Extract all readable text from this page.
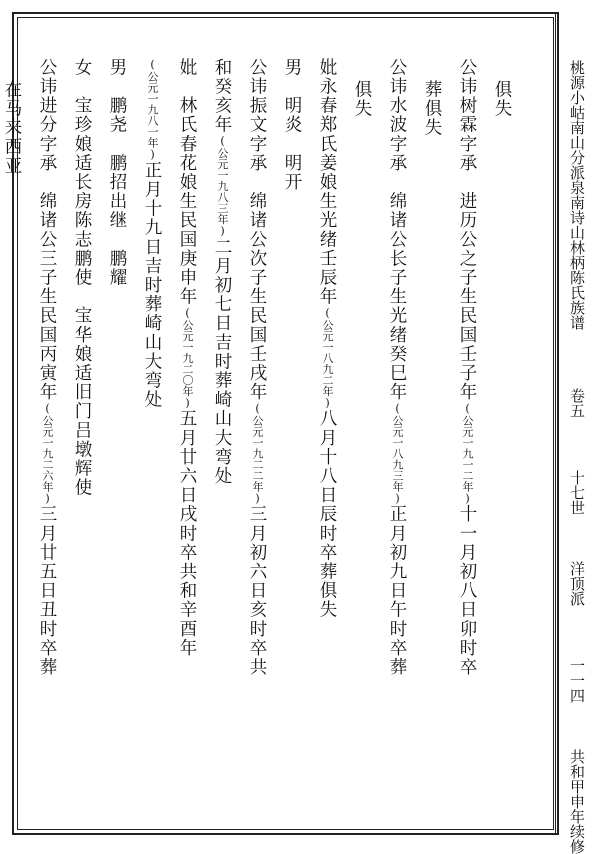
桃源小岵南山分派泉南诗山林柄陈氏族谱  卷五  十七世  洋顶派  一一四  共和甲申年续修
俱失
公讳树霖字承　进历公之子生民国壬子年(公元一九一二年)十一月初八日卯时卒
葬俱失
公讳水波字承　绵诸公长子生光绪癸巳年(公元一八九三年)正月初九日午时卒葬
俱失
妣永春郑氏姜娘生光绪壬辰年(公元一八九二年)八月十八日辰时卒葬俱失
男　明炎　明开
公讳振文字承　绵诸公次子生民国壬戌年(公元一九二二年)三月初六日亥时卒共
和癸亥年(公元一九八三年)二月初七日吉时葬崎山大弯处
妣　林氏春花娘生民国庚申年(公元一九二〇年)五月廿六日戌时卒共和辛酉年
(公元一九八一年)正月十九日吉时葬崎山大弯处
男　鹏尧　鹏招出继　鹏耀
女　宝珍娘适长房陈志鹏使　宝华娘适旧门吕墩辉使
公讳进分字承　绵诸公三子生民国丙寅年(公元一九二六年)三月廿五日丑时卒葬
在马来西亚
